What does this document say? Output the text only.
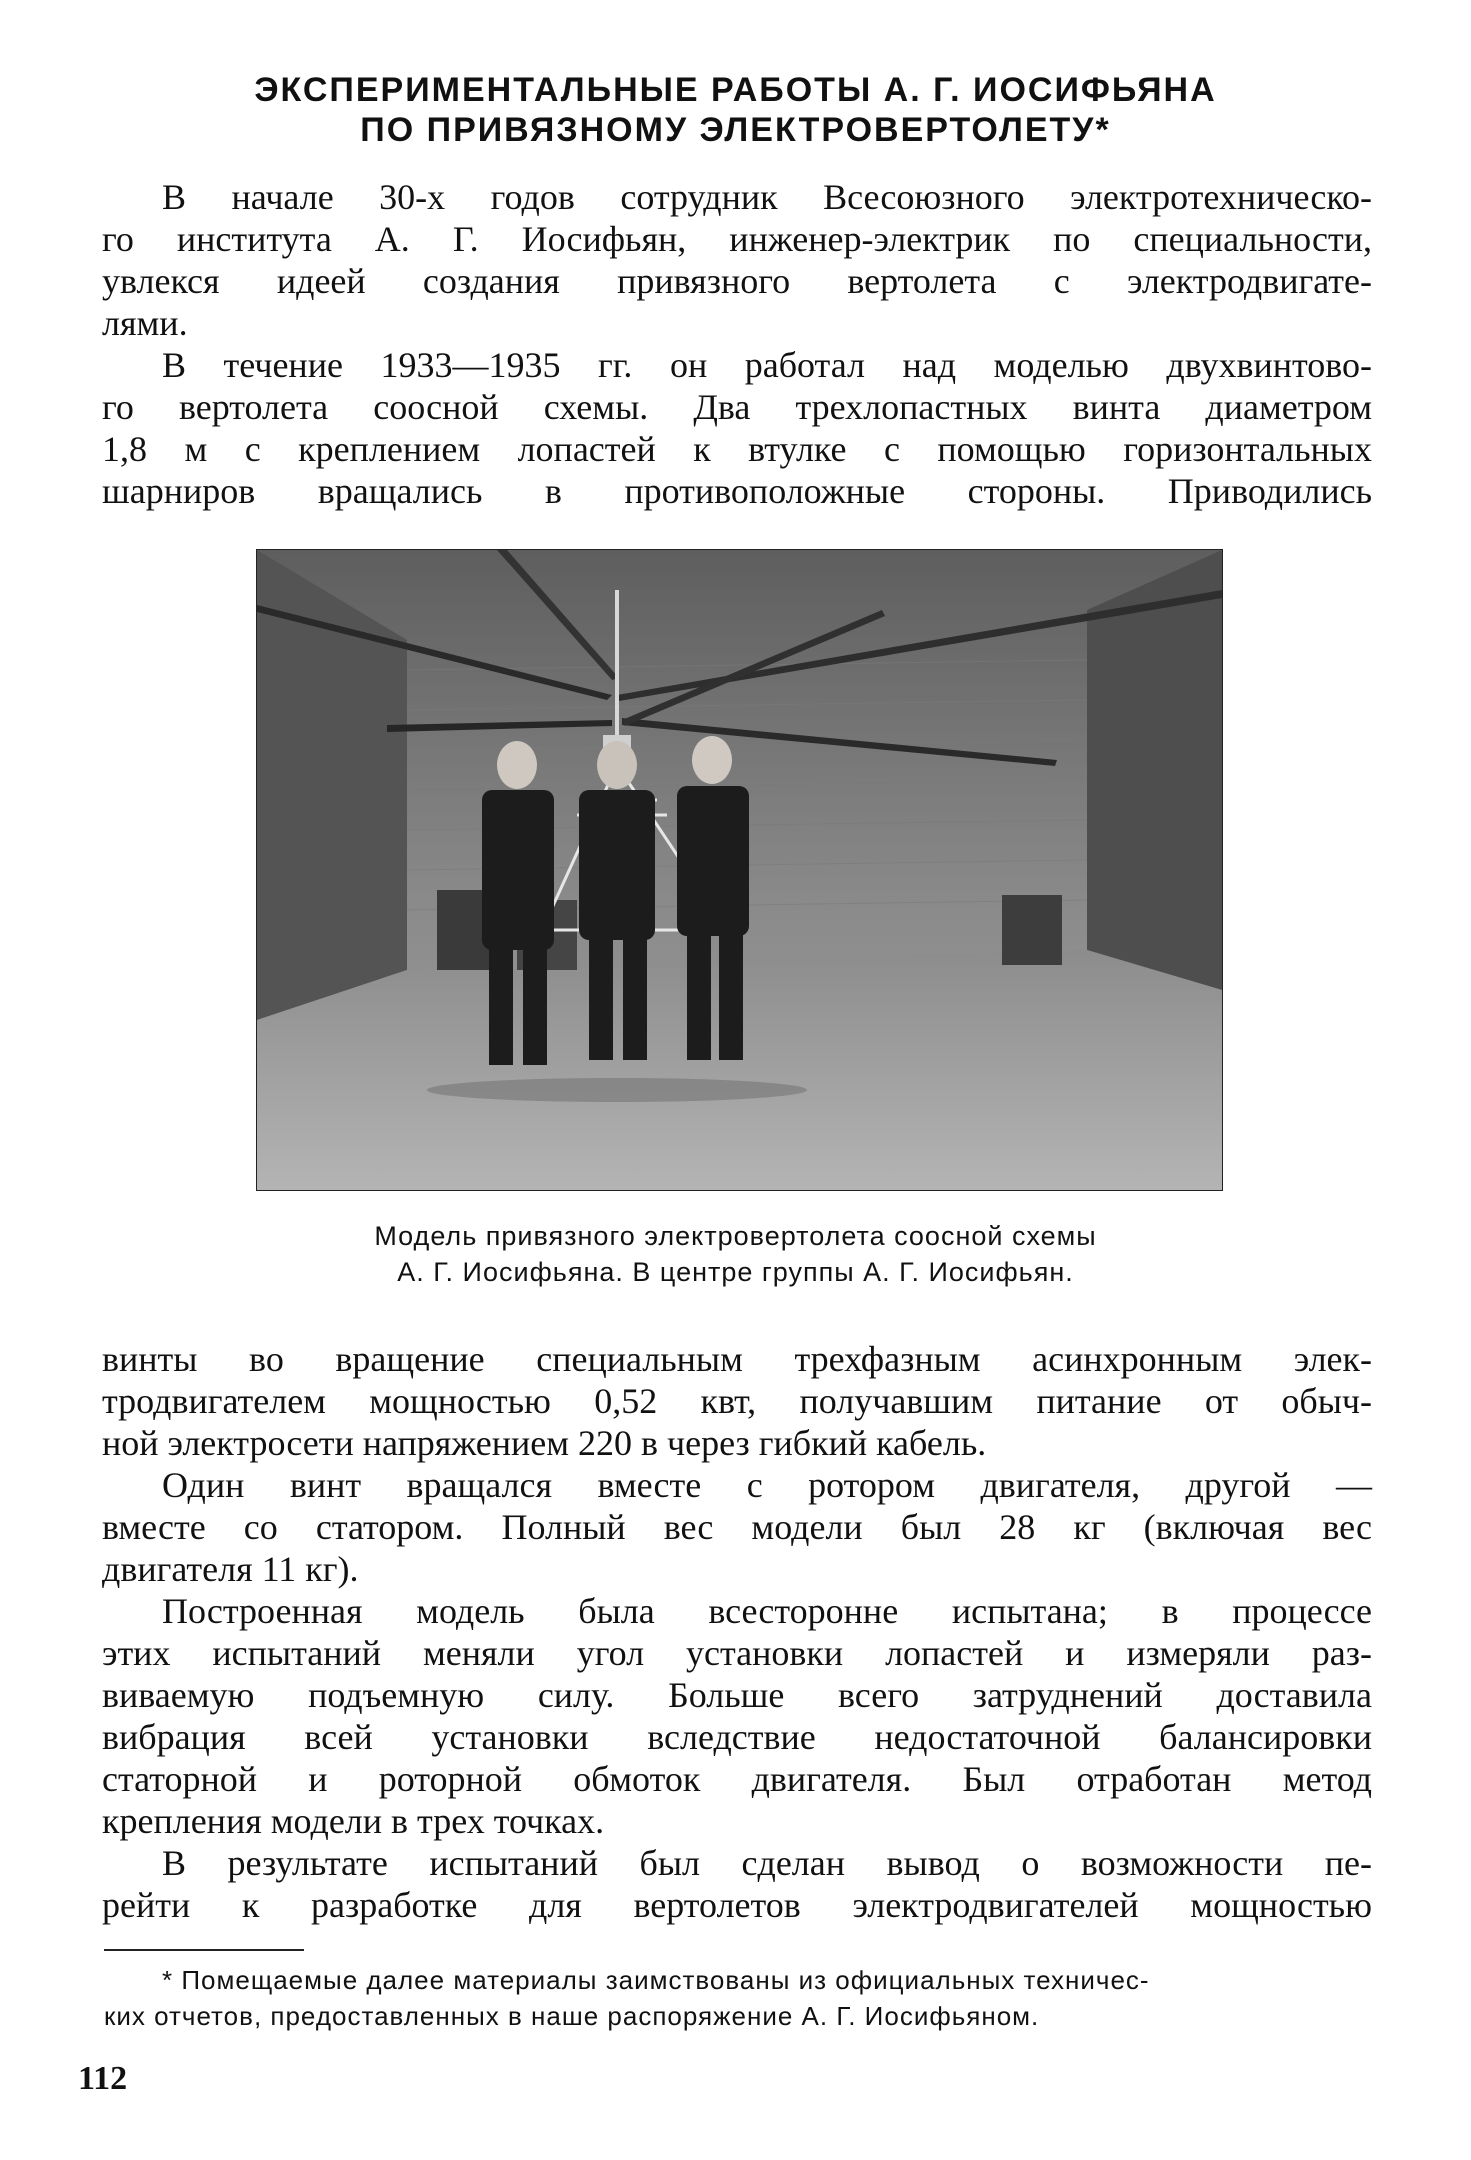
ЭКСПЕРИМЕНТАЛЬНЫЕ РАБОТЫ А. Г. ИОСИФЬЯНА
ПО ПРИВЯЗНОМУ ЭЛЕКТРОВЕРТОЛЕТУ*
В начале 30-х годов сотрудник Всесоюзного электротехническо-
го института А. Г. Иосифьян, инженер-электрик по специальности,
увлекся идеей создания привязного вертолета с электродвигате-
лями.
В течение 1933—1935 гг. он работал над моделью двухвинтово-
го вертолета соосной схемы. Два трехлопастных винта диаметром
1,8 м с креплением лопастей к втулке с помощью горизонтальных
шарниров вращались в противоположные стороны. Приводились
Модель привязного электровертолета соосной схемы
А. Г. Иосифьяна. В центре группы А. Г. Иосифьян.
винты во вращение специальным трехфазным асинхронным элек-
тродвигателем мощностью 0,52 квт, получавшим питание от обыч-
ной электросети напряжением 220 в через гибкий кабель.
Один винт вращался вместе с ротором двигателя, другой —
вместе со статором. Полный вес модели был 28 кг (включая вес
двигателя 11 кг).
Построенная модель была всесторонне испытана; в процессе
этих испытаний меняли угол установки лопастей и измеряли раз-
виваемую подъемную силу. Больше всего затруднений доставила
вибрация всей установки вследствие недостаточной балансировки
статорной и роторной обмоток двигателя. Был отработан метод
крепления модели в трех точках.
В результате испытаний был сделан вывод о возможности пе-
рейти к разработке для вертолетов электродвигателей мощностью
* Помещаемые далее материалы заимствованы из официальных техничес-
ких отчетов, предоставленных в наше распоряжение А. Г. Иосифьяном.
112
